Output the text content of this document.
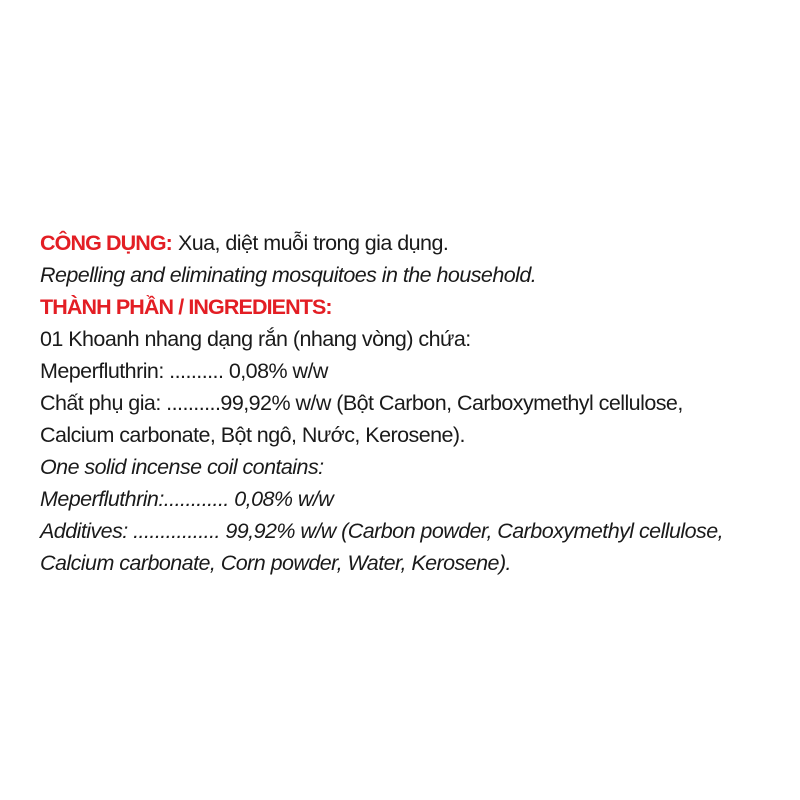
CÔNG DỤNG: Xua, diệt muỗi trong gia dụng.
Repelling and eliminating mosquitoes in the household.
THÀNH PHẦN / INGREDIENTS:
01 Khoanh nhang dạng rắn (nhang vòng) chứa:
Meperfluthrin: .......... 0,08% w/w
Chất phụ gia: ..........99,92% w/w (Bột Carbon, Carboxymethyl cellulose,
Calcium carbonate, Bột ngô, Nước, Kerosene).
One solid incense coil contains:
Meperfluthrin:............ 0,08% w/w
Additives: ................ 99,92% w/w (Carbon powder, Carboxymethyl cellulose,
Calcium carbonate, Corn powder, Water, Kerosene).
